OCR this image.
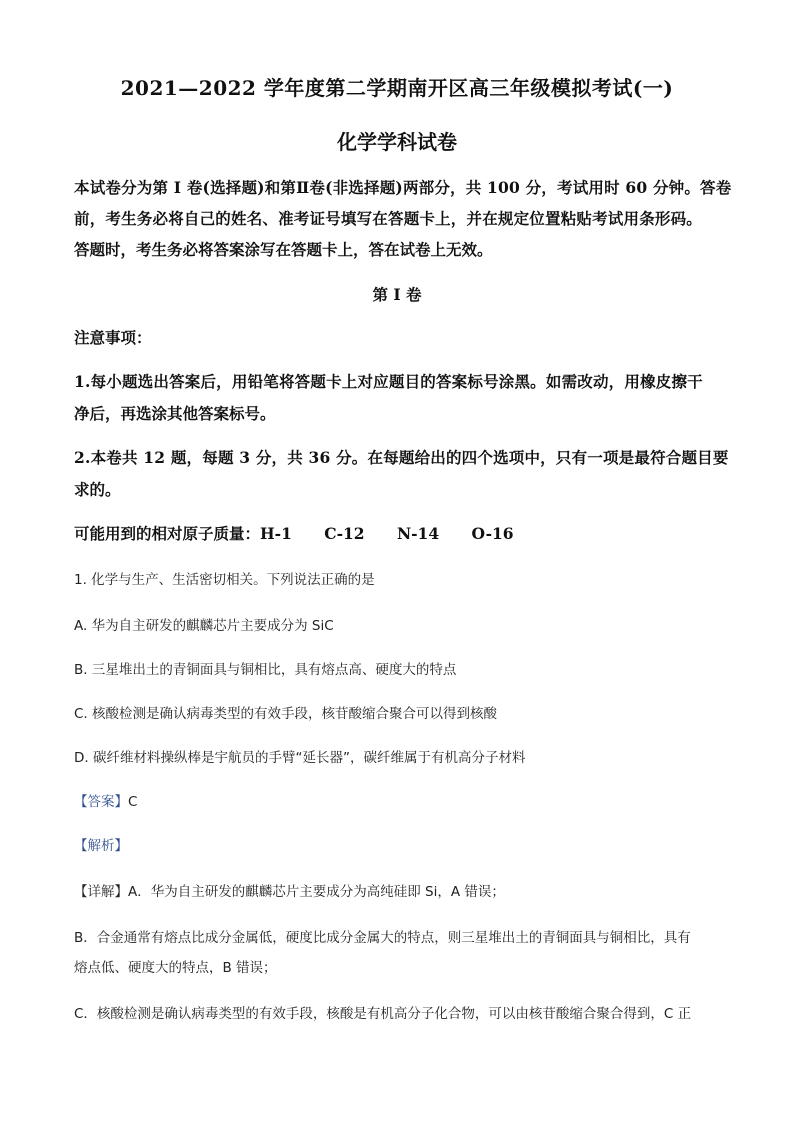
2021—2022 学年度第二学期南开区高三年级模拟考试(一)
化学学科试卷
本试卷分为第 I 卷(选择题)和第Ⅱ卷(非选择题)两部分，共 100 分，考试用时 60 分钟。答卷
前，考生务必将自己的姓名、准考证号填写在答题卡上，并在规定位置粘贴考试用条形码。
答题时，考生务必将答案涂写在答题卡上，答在试卷上无效。
第 I 卷
注意事项：
1.每小题选出答案后，用铅笔将答题卡上对应题目的答案标号涂黑。如需改动，用橡皮擦干
净后，再选涂其他答案标号。
2.本卷共 12 题，每题 3 分，共 36 分。在每题给出的四个选项中，只有一项是最符合题目要
求的。
可能用到的相对原子质量：H-1      C-12      N-14      O-16
1. 化学与生产、生活密切相关。下列说法正确的是
A. 华为自主研发的麒麟芯片主要成分为 SiC
B. 三星堆出土的青铜面具与铜相比，具有熔点高、硬度大的特点
C. 核酸检测是确认病毒类型的有效手段，核苷酸缩合聚合可以得到核酸
D. 碳纤维材料操纵棒是宇航员的手臂“延长器”，碳纤维属于有机高分子材料
【答案】C
【解析】
【详解】A．华为自主研发的麒麟芯片主要成分为高纯硅即 Si，A 错误；
B．合金通常有熔点比成分金属低，硬度比成分金属大的特点，则三星堆出土的青铜面具与铜相比，具有
熔点低、硬度大的特点，B 错误；
C．核酸检测是确认病毒类型的有效手段，核酸是有机高分子化合物，可以由核苷酸缩合聚合得到，C 正
